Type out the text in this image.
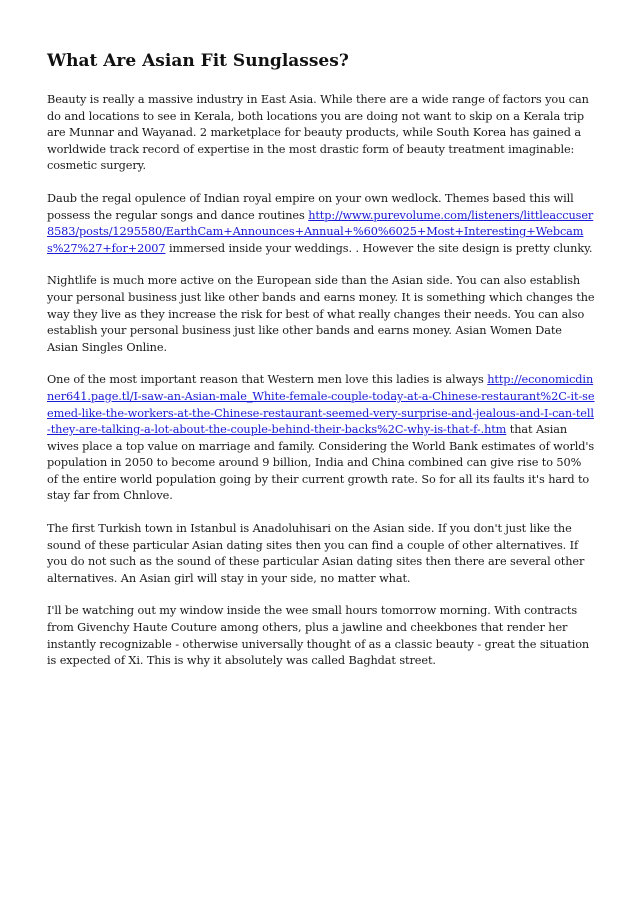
What Are Asian Fit Sunglasses?

Beauty is really a massive industry in East Asia. While there are a wide range of factors you can do and locations to see in Kerala, both locations you are doing not want to skip on a Kerala trip are Munnar and Wayanad. 2 marketplace for beauty products, while South Korea has gained a worldwide track record of expertise in the most drastic form of beauty treatment imaginable: cosmetic surgery.

Daub the regal opulence of Indian royal empire on your own wedlock. Themes based this will possess the regular songs and dance routines http://www.purevolume.com/listeners/littleaccuser8583/posts/1295580/EarthCam+Announces+Annual+%60%6025+Most+Interesting+Webcams%27%27+for+2007 immersed inside your weddings. . However the site design is pretty clunky.

Nightlife is much more active on the European side than the Asian side. You can also establish your personal business just like other bands and earns money. It is something which changes the way they live as they increase the risk for best of what really changes their needs. You can also establish your personal business just like other bands and earns money. Asian Women Date Asian Singles Online.

One of the most important reason that Western men love this ladies is always http://economicdinner641.page.tl/I-saw-an-Asian-male_White-female-couple-today-at-a-Chinese-restaurant%2C-it-seemed-like-the-workers-at-the-Chinese-restaurant-seemed-very-surprise-and-jealous-and-I-can-tell-they-are-talking-a-lot-about-the-couple-behind-their-backs%2C-why-is-that-f-.htm that Asian wives place a top value on marriage and family. Considering the World Bank estimates of world's population in 2050 to become around 9 billion, India and China combined can give rise to 50% of the entire world population going by their current growth rate. So for all its faults it's hard to stay far from Chnlove.

The first Turkish town in Istanbul is Anadoluhisari on the Asian side. If you don't just like the sound of these particular Asian dating sites then you can find a couple of other alternatives. If you do not such as the sound of these particular Asian dating sites then there are several other alternatives. An Asian girl will stay in your side, no matter what.

I'll be watching out my window inside the wee small hours tomorrow morning. With contracts from Givenchy Haute Couture among others, plus a jawline and cheekbones that render her instantly recognizable - otherwise universally thought of as a classic beauty - great the situation is expected of Xi. This is why it absolutely was called Baghdat street.
